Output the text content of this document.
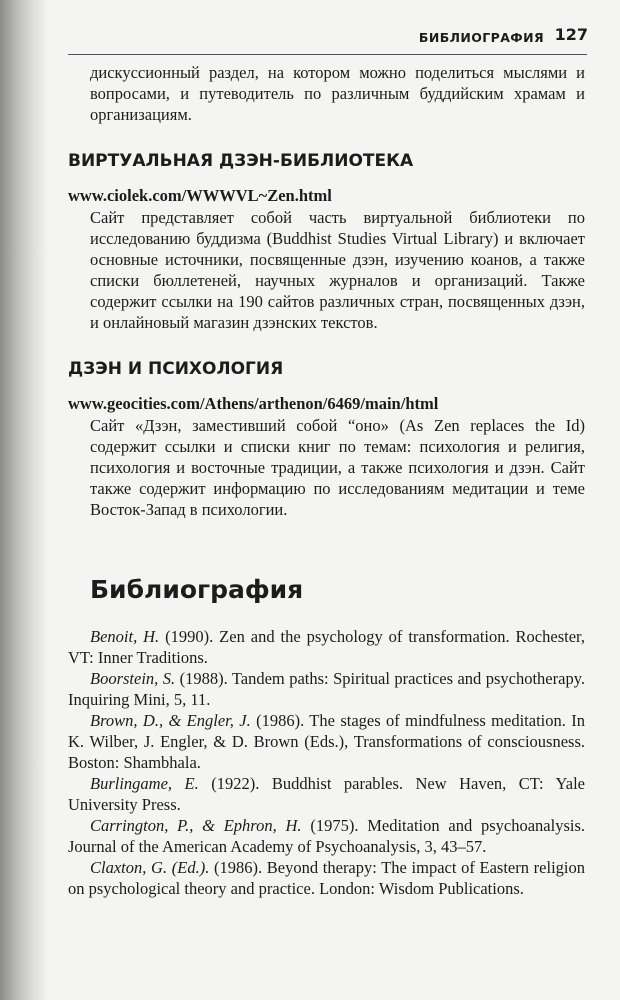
БИБЛИОГРАФИЯ 127

дискуссионный раздел, на котором можно поделиться мыслями и вопросами, и путеводитель по различным буддийским храмам и организациям.

ВИРТУАЛЬНАЯ ДЗЭН-БИБЛИОТЕКА

www.ciolek.com/WWWVL~Zen.html

Сайт представляет собой часть виртуальной библиотеки по исследованию буддизма (Buddhist Studies Virtual Library) и включает основные источники, посвященные дзэн, изучению коанов, а также списки бюллетеней, научных журналов и организаций. Также содержит ссылки на 190 сайтов различных стран, посвященных дзэн, и онлайновый магазин дзэнских текстов.

ДЗЭН И ПСИХОЛОГИЯ

www.geocities.com/Athens/arthenon/6469/main/html

Сайт «Дзэн, заместивший собой “оно» (As Zen replaces the Id) содержит ссылки и списки книг по темам: психология и религия, психология и восточные традиции, а также психология и дзэн. Сайт также содержит информацию по исследованиям медитации и теме Восток-Запад в психологии.

Библиография

Benoit, H. (1990). Zen and the psychology of transformation. Rochester, VT: Inner Traditions.

Boorstein, S. (1988). Tandem paths: Spiritual practices and psychotherapy. Inquiring Mini, 5, 11.

Brown, D., & Engler, J. (1986). The stages of mindfulness meditation. In K. Wilber, J. Engler, & D. Brown (Eds.), Transformations of consciousness. Boston: Shambhala.

Burlingame, E. (1922). Buddhist parables. New Haven, CT: Yale University Press.

Carrington, P., & Ephron, H. (1975). Meditation and psychoanalysis. Journal of the American Academy of Psychoanalysis, 3, 43–57.

Claxton, G. (Ed.). (1986). Beyond therapy: The impact of Eastern religion on psychological theory and practice. London: Wisdom Publications.
